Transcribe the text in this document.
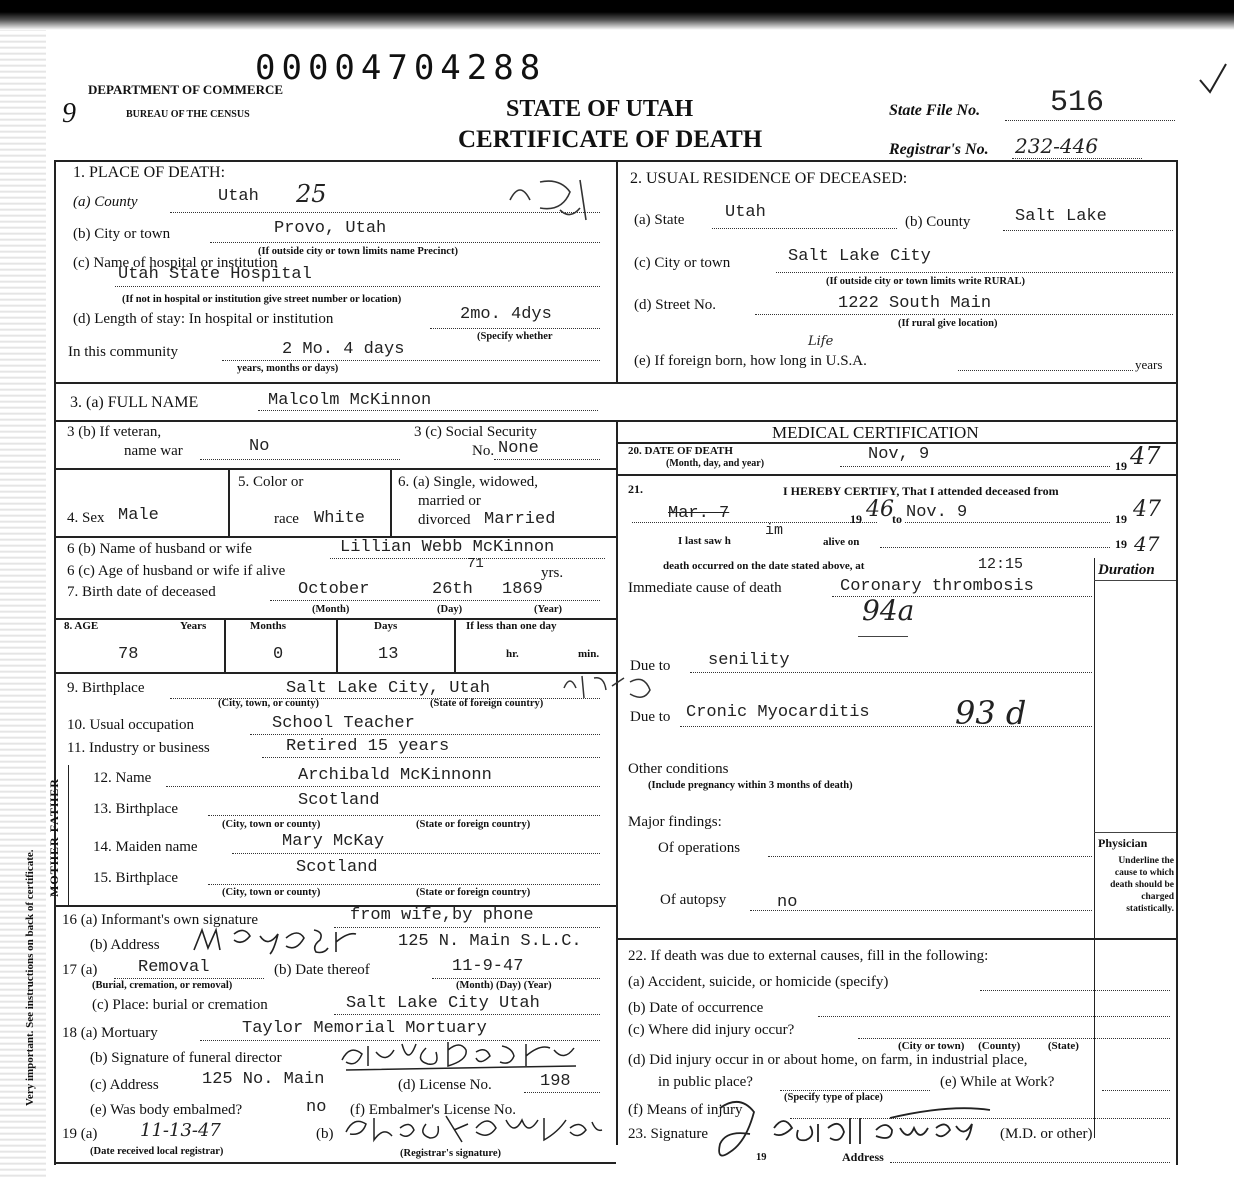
Very important. See instructions on back of certificate.
9
00004704288
DEPARTMENT OF COMMERCE
BUREAU OF THE CENSUS	STATE OF UTAH
CERTIFICATE OF DEATH
State File No. 516
Registrar's No. 232-446
1. PLACE OF DEATH:
(a) County	Utah 25
(b) City or town	Provo, Utah
(If outside city or town limits name Precinct)
(c) Name of hospital or institution
Utah State Hospital
(If not in hospital or institution give street number or location)
(d) Length of stay: In hospital or institution	2mo. 4dys
(Specify whether
In this community	2 Mo. 4 days
years, months or days)
2. USUAL RESIDENCE OF DECEASED:
(a) State Utah	(b) County	Salt Lake
(c) City or town	Salt Lake City
(If outside city or town limits write RURAL)
(d) Street No.	1222 South Main
(If rural give location)
(e) If foreign born, how long in U.S.A.
Life
years
3. (a) FULL NAME	Malcolm McKinnon
3 (b) If veteran,
name war	No
3 (c) Social Security
No. None
4. Sex Male
5. Color or
race White
6. (a) Single, widowed,
married or
divorced Married
6 (b) Name of husband or wife	Lillian Webb McKinnon
6 (c) Age of husband or wife if alive	71
yrs.
7. Birth date of deceased	October	26th 1869
(Month)	(Day)	(Year)
8. AGE	Years	Months	Days	If less than one day
78	0	13	hr.	min.
9. Birthplace	Salt Lake City, Utah
(City, town, or county)	(State of foreign country)
10. Usual occupation	School Teacher
11. Industry or business	Retired 15 years
MOTHER FATHER
12. Name	Archibald McKinnonn
13. Birthplace	Scotland
(City, town or county)	(State or foreign country)
14. Maiden name	Mary McKay
15. Birthplace
Scotland
(City, town or county)	(State or foreign country)
16 (a) Informant's own signature	from wife,by phone
(b) Address	125 N. Main S.L.C.
17 (a) Removal	(b) Date thereof	11-9-47
(Burial, cremation, or removal)	(Month) (Day) (Year)
(c) Place: burial or cremation	Salt Lake City Utah
18 (a) Mortuary	Taylor Memorial Mortuary
(b) Signature of funeral director
(c) Address	125 No. Main	(d) License No.	198
(e) Was body embalmed?	no (f) Embalmer's License No.
19 (a) 11-13-47	(b)
(Date received local registrar)	(Registrar's signature)
MEDICAL CERTIFICATION
20. DATE OF DEATH
(Month, day, and year)	Nov, 9
19 47
21.	I HEREBY CERTIFY, That I attended deceased from
Mar. 7	19 46
to Nov. 9	19 47
I last saw h
im
alive on	19 47
death occurred on the date stated above, at	12:15	Duration
Immediate cause of death	Coronary thrombosis
94a
Due to senility
Due to Cronic Myocarditis	93 d
Other conditions
(Include pregnancy within 3 months of death)
Major findings:
Of operations
Of autopsy	no
Physician
Underline the cause to which death should be charged statistically.
22. If death was due to external causes, fill in the following:
(a) Accident, suicide, or homicide (specify)
(b) Date of occurrence
(c) Where did injury occur?
(City or town)     (County)          (State)
(d) Did injury occur in or about home, on farm, in industrial place,
in public place?	(e) While at Work?
(Specify type of place)
(f) Means of injury
23. Signature	(M.D. or other)
19	Address
